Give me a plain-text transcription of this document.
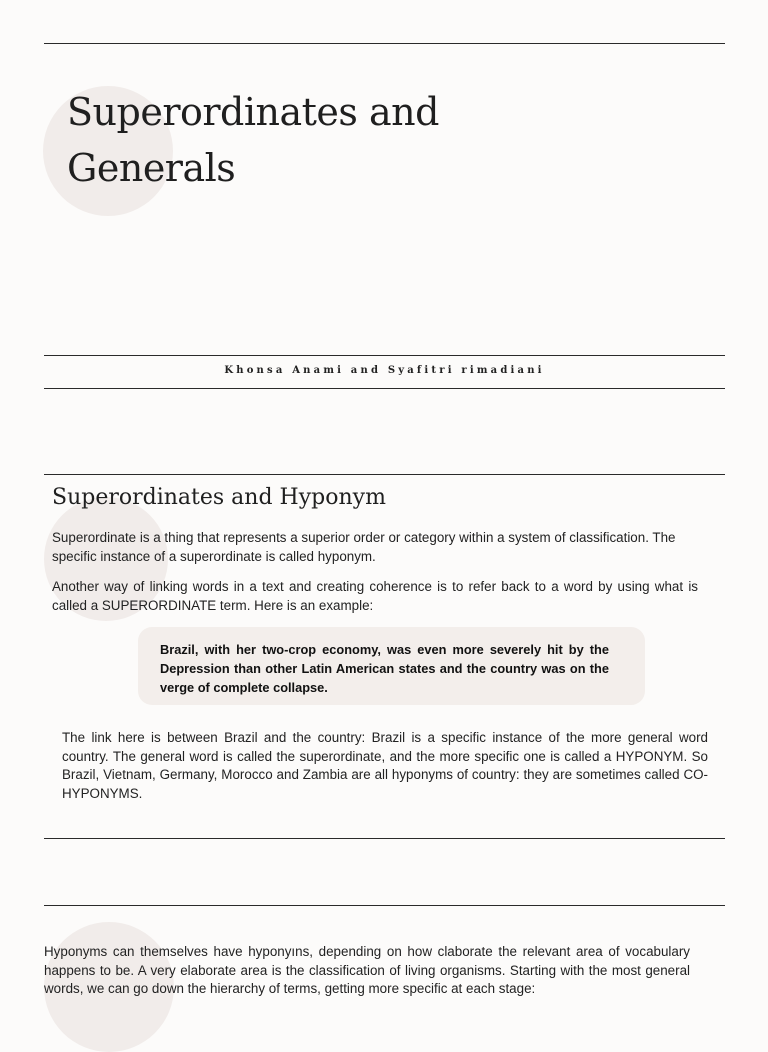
Superordinates and
Generals
Khonsa Anami and Syafitri rimadiani
Superordinates and Hyponym
Superordinate is a thing that represents a superior order or category within a system of classification. The specific instance of a superordinate is called hyponym.
Another way of linking words in a text and creating coherence is to refer back to a word by using what is called a SUPERORDINATE term. Here is an example:
Brazil, with her two-crop economy, was even more severely hit by the Depression than other Latin American states and the country was on the verge of complete collapse.
The link here is between Brazil and the country: Brazil is a specific instance of the more general word country. The general word is called the superordinate, and the more specific one is called a HYPONYM. So Brazil, Vietnam, Germany, Morocco and Zambia are all hyponyms of country: they are sometimes called CO-HYPONYMS.
Hyponyms can themselves have hyponyıns, depending on how claborate the relevant area of vocabulary happens to be. A very elaborate area is the classification of living organisms. Starting with the most general words, we can go down the hierarchy of terms, getting more specific at each stage:
